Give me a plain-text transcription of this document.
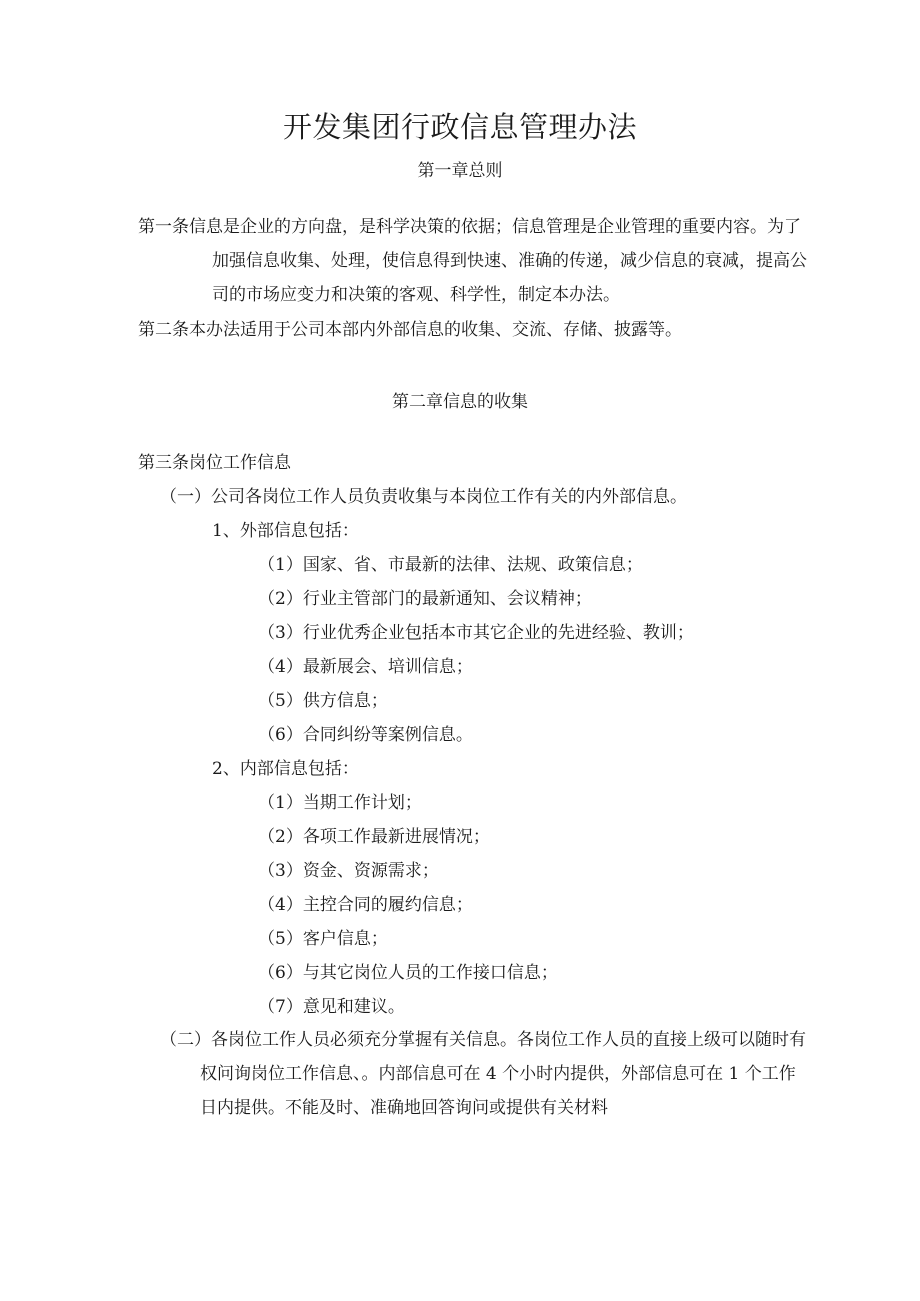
开发集团行政信息管理办法
第一章总则
第一条信息是企业的方向盘，是科学决策的依据；信息管理是企业管理的重要内容。为了
加强信息收集、处理，使信息得到快速、准确的传递，减少信息的衰减，提高公
司的市场应变力和决策的客观、科学性，制定本办法。
第二条本办法适用于公司本部内外部信息的收集、交流、存储、披露等。
第二章信息的收集
第三条岗位工作信息
（一）公司各岗位工作人员负责收集与本岗位工作有关的内外部信息。
1、外部信息包括：
（1）国家、省、市最新的法律、法规、政策信息；
（2）行业主管部门的最新通知、会议精神；
（3）行业优秀企业包括本市其它企业的先进经验、教训；
（4）最新展会、培训信息；
（5）供方信息；
（6）合同纠纷等案例信息。
2、内部信息包括：
（1）当期工作计划；
（2）各项工作最新进展情况；
（3）资金、资源需求；
（4）主控合同的履约信息；
（5）客户信息；
（6）与其它岗位人员的工作接口信息；
（7）意见和建议。
（二）各岗位工作人员必须充分掌握有关信息。各岗位工作人员的直接上级可以随时有
权问询岗位工作信息、。内部信息可在 4 个小时内提供，外部信息可在 1 个工作
日内提供。不能及时、准确地回答询问或提供有关材料
